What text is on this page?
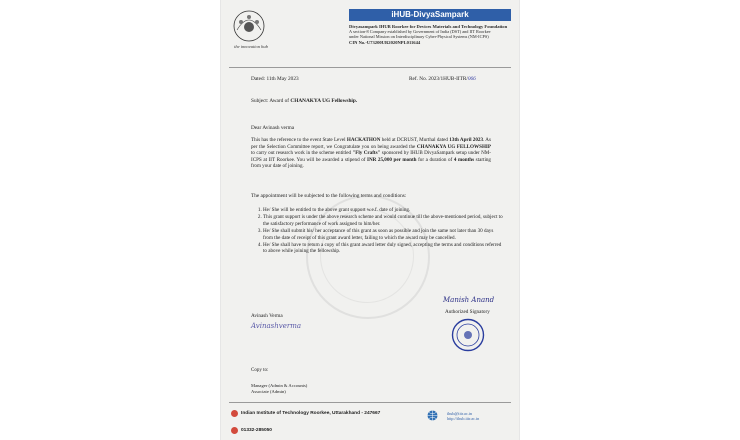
the innovation hub
iHUB-DivyaSampark
Divyasampark IHUB Roorkee for Devices Materials and Technology Foundation
A section-8 Company established by Government of India (DST) and IIT Roorkee
under National Mission on Interdisciplinary Cyber-Physical Systems (NM-ICPS)
CIN No.-U73200UR2020NPL011644
Dated: 11th May 2023	Ref. No. 2023/1HUB-IITR/066
Subject: Award of CHANAKYA UG Fellowship.
Dear Avinash verma
This has the reference to the event State Level HACKATHON held at DCRUST, Murthal dated 13th April 2023. As per the Selection Committee report, we Congratulate you on being awarded the CHANAKYA UG FELLOWSHIP to carry out research work in the scheme entitled "Fly Crafts" sponsored by IHUB DivyaSampark setup under NM-ICPS at IIT Roorkee. You will be awarded a stipend of INR 25,000 per month for a duration of 4 months starting from your date of joining.
The appointment will be subjected to the following terms and conditions:
1. He/ She will be entitled to the above grant support w.e.f. date of joining.
2. This grant support is under the above research scheme and would continue till the above-mentioned period, subject to the satisfactory performance of work assigned to him/her.
3. He/ She shall submit his/ her acceptance of this grant as soon as possible and join the same not later than 30 days from the date of receipt of this grant award letter, failing to which the award may be cancelled.
4. He/ She shall have to return a copy of this grant award letter duly signed, accepting the terms and conditions referred to above while joining the fellowship.
Avinash Verma
Avinashverma
Manish Anand
Authorized Signatory
Copy to:
Manager (Admin & Accounts)
Associate (Admin)
Indian Institute of Technology Roorkee, Uttarakhand - 247667
01332-285050
ihub@iitr.ac.in
http://ihub.iitr.ac.in
